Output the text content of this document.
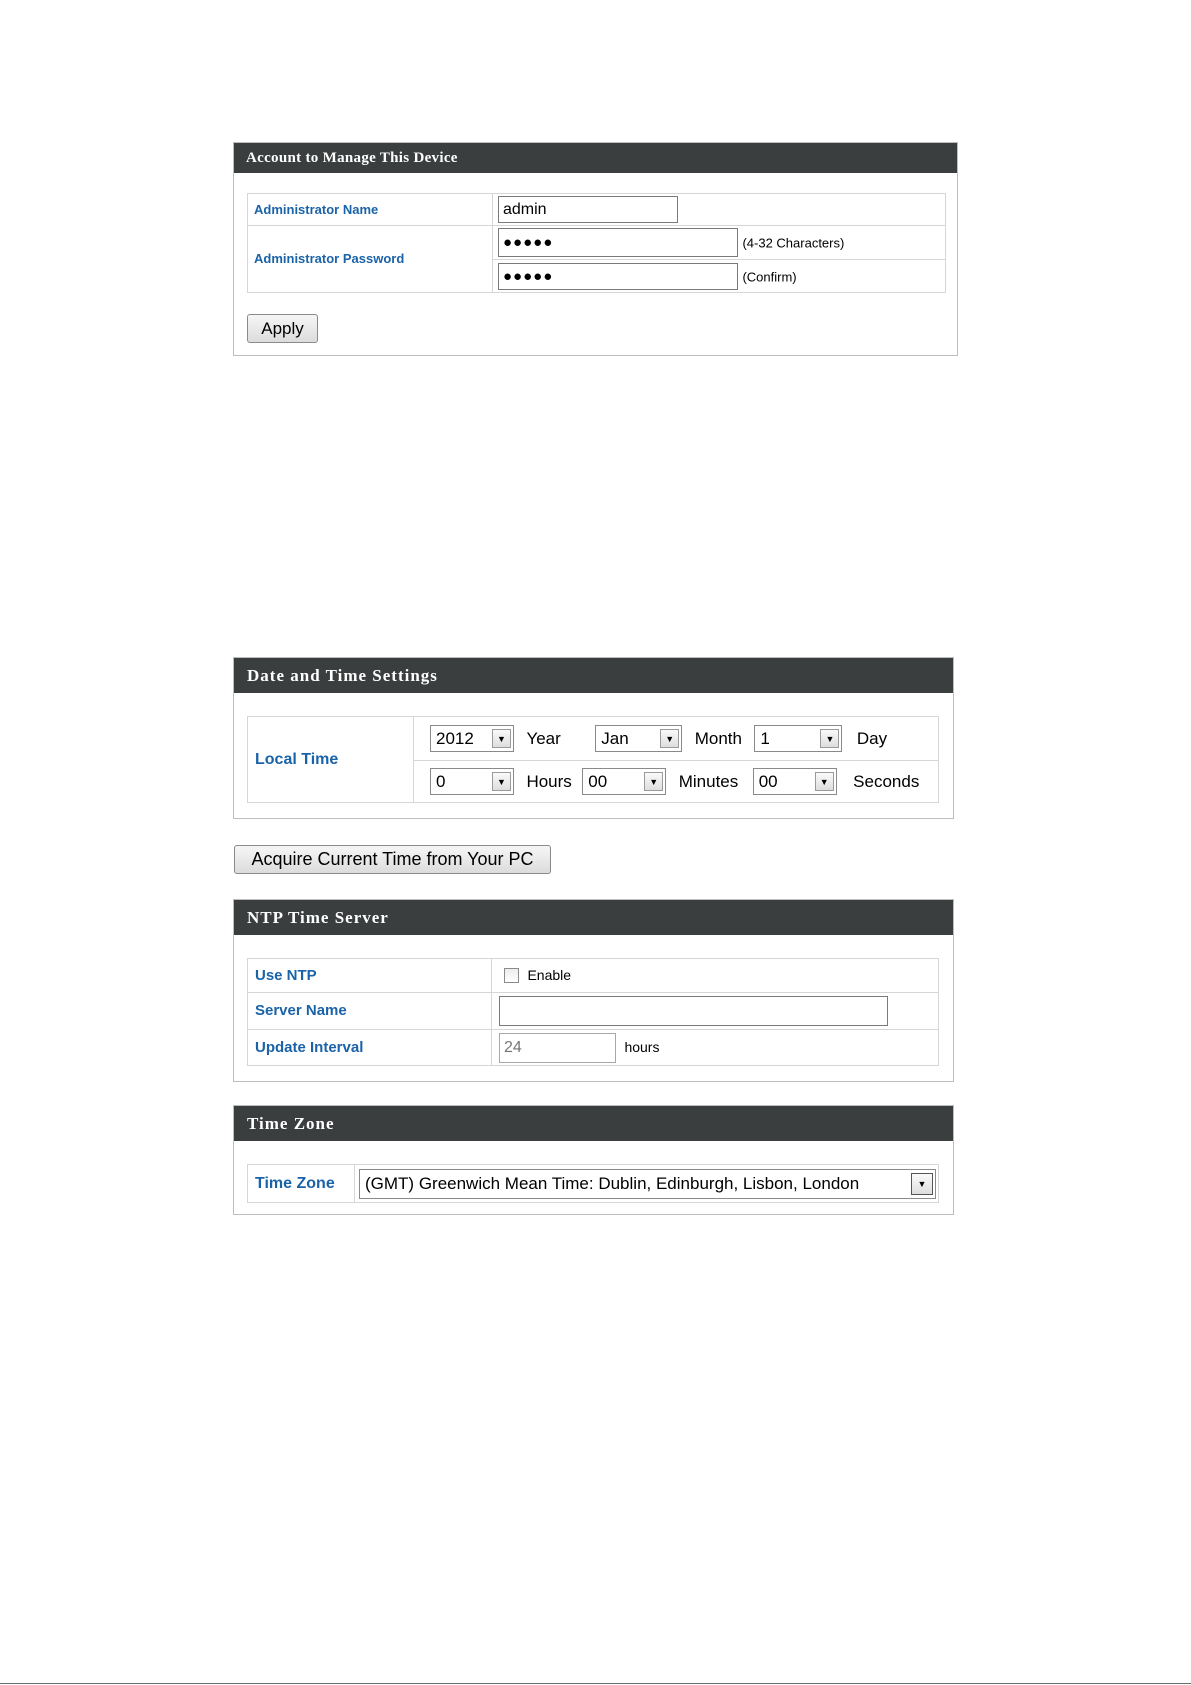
Account to Manage This Device
Administrator Name	admin
Administrator Password	●●●●● (4-32 Characters)
●●●●● (Confirm)
Apply
Date and Time Settings
Local Time	
2012	▼ Year Jan	▼ Month 1	▼ Day

0	▼ Hours 00	▼ Minutes 00	▼ Seconds
Acquire Current Time from Your PC
NTP Time Server
Use NTP	Enable
Server Name	
Update Interval	24hours
Time Zone
Time Zone	(GMT) Greenwich Mean Time: Dublin, Edinburgh, Lisbon, London	▼
